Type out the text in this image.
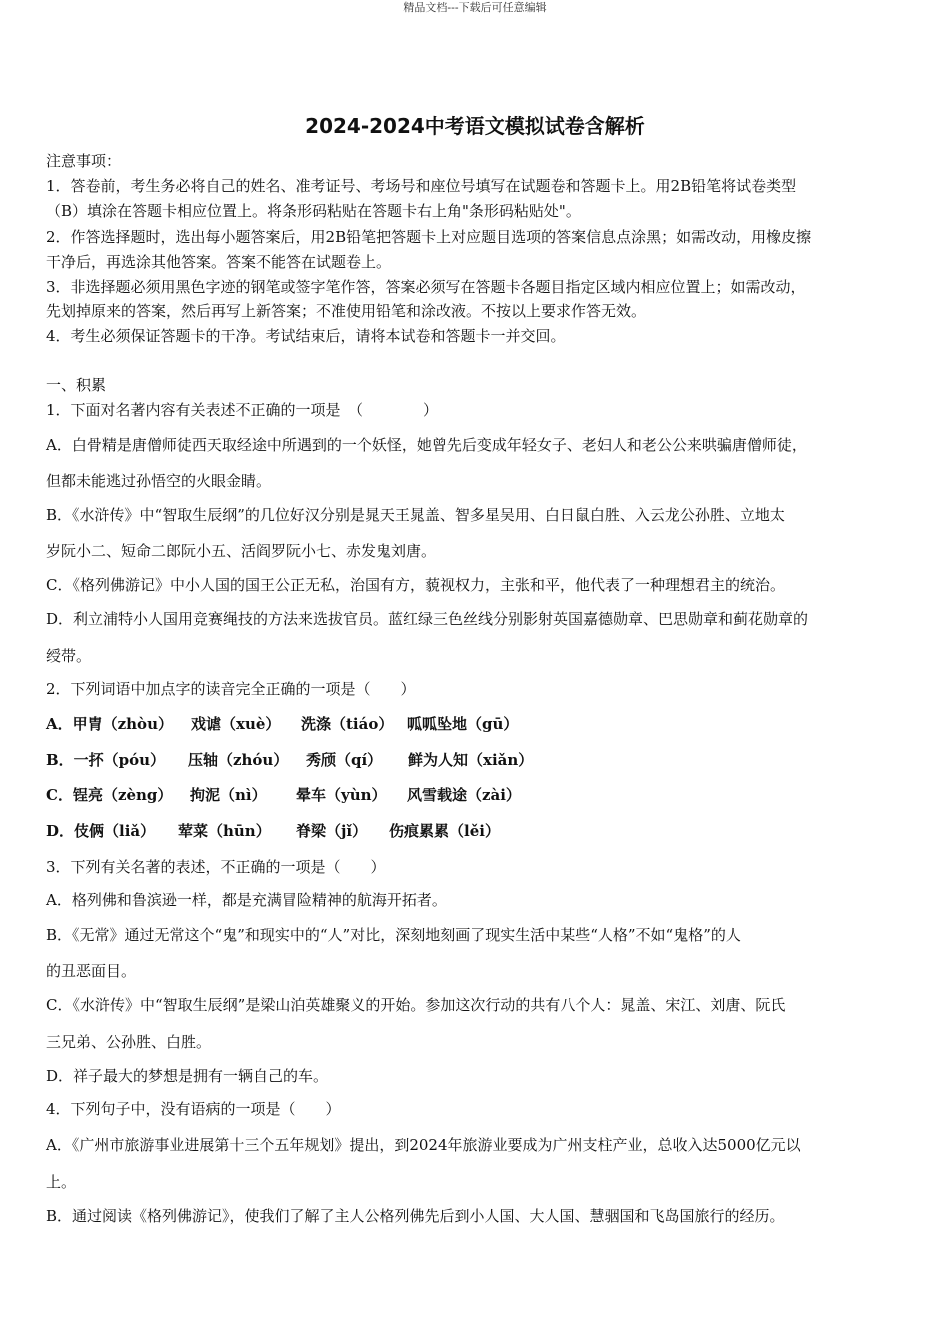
精品文档---下载后可任意编辑
2024-2024中考语文模拟试卷含解析
注意事项：
1．答卷前，考生务必将自己的姓名、准考证号、考场号和座位号填写在试题卷和答题卡上。用2B铅笔将试卷类型
（B）填涂在答题卡相应位置上。将条形码粘贴在答题卡右上角"条形码粘贴处"。
2．作答选择题时，选出每小题答案后，用2B铅笔把答题卡上对应题目选项的答案信息点涂黑；如需改动，用橡皮擦
干净后，再选涂其他答案。答案不能答在试题卷上。
3．非选择题必须用黑色字迹的钢笔或签字笔作答，答案必须写在答题卡各题目指定区域内相应位置上；如需改动，
先划掉原来的答案，然后再写上新答案；不准使用铅笔和涂改液。不按以上要求作答无效。
4．考生必须保证答题卡的干净。考试结束后，请将本试卷和答题卡一并交回。
一、积累
1．下面对名著内容有关表述不正确的一项是　（　　　　）
A．白骨精是唐僧师徒西天取经途中所遇到的一个妖怪，她曾先后变成年轻女子、老妇人和老公公来哄骗唐僧师徒，
但都未能逃过孙悟空的火眼金睛。
B．《水浒传》中“智取生辰纲”的几位好汉分别是晁天王晁盖、智多星吴用、白日鼠白胜、入云龙公孙胜、立地太
岁阮小二、短命二郎阮小五、活阎罗阮小七、赤发鬼刘唐。
C．《格列佛游记》中小人国的国王公正无私，治国有方，藐视权力，主张和平，他代表了一种理想君主的统治。
D．利立浦特小人国用竞赛绳技的方法来选拔官员。蓝红绿三色丝线分别影射英国嘉德勋章、巴思勋章和蓟花勋章的
绶带。
2．下列词语中加点字的读音完全正确的一项是（　　）
A．甲胄（zhòu）	戏谑（xuè）	洗涤（tiáo） 呱呱坠地（gū）
B．一抔（póu）	压轴（zhóu）	秀颀（qí）	鲜为人知（xiǎn）
C．锃亮（zèng）	拘泥（nì）	晕车（yùn）	风雪载途（zài）
D．伎俩（liǎ）	荤菜（hūn）	脊梁（jǐ）	伤痕累累（lěi）
3．下列有关名著的表述，不正确的一项是（　　）
A．格列佛和鲁滨逊一样，都是充满冒险精神的航海开拓者。
B．《无常》通过无常这个“鬼”和现实中的“人”对比，深刻地刻画了现实生活中某些“人格”不如“鬼格”的人
的丑恶面目。
C．《水浒传》中“智取生辰纲”是梁山泊英雄聚义的开始。参加这次行动的共有八个人：晁盖、宋江、刘唐、阮氏
三兄弟、公孙胜、白胜。
D．祥子最大的梦想是拥有一辆自己的车。
4．下列句子中，没有语病的一项是（　　）
A．《广州市旅游事业进展第十三个五年规划》提出，到2024年旅游业要成为广州支柱产业，总收入达5000亿元以
上。
B．通过阅读《格列佛游记》，使我们了解了主人公格列佛先后到小人国、大人国、慧骃国和飞岛国旅行的经历。
